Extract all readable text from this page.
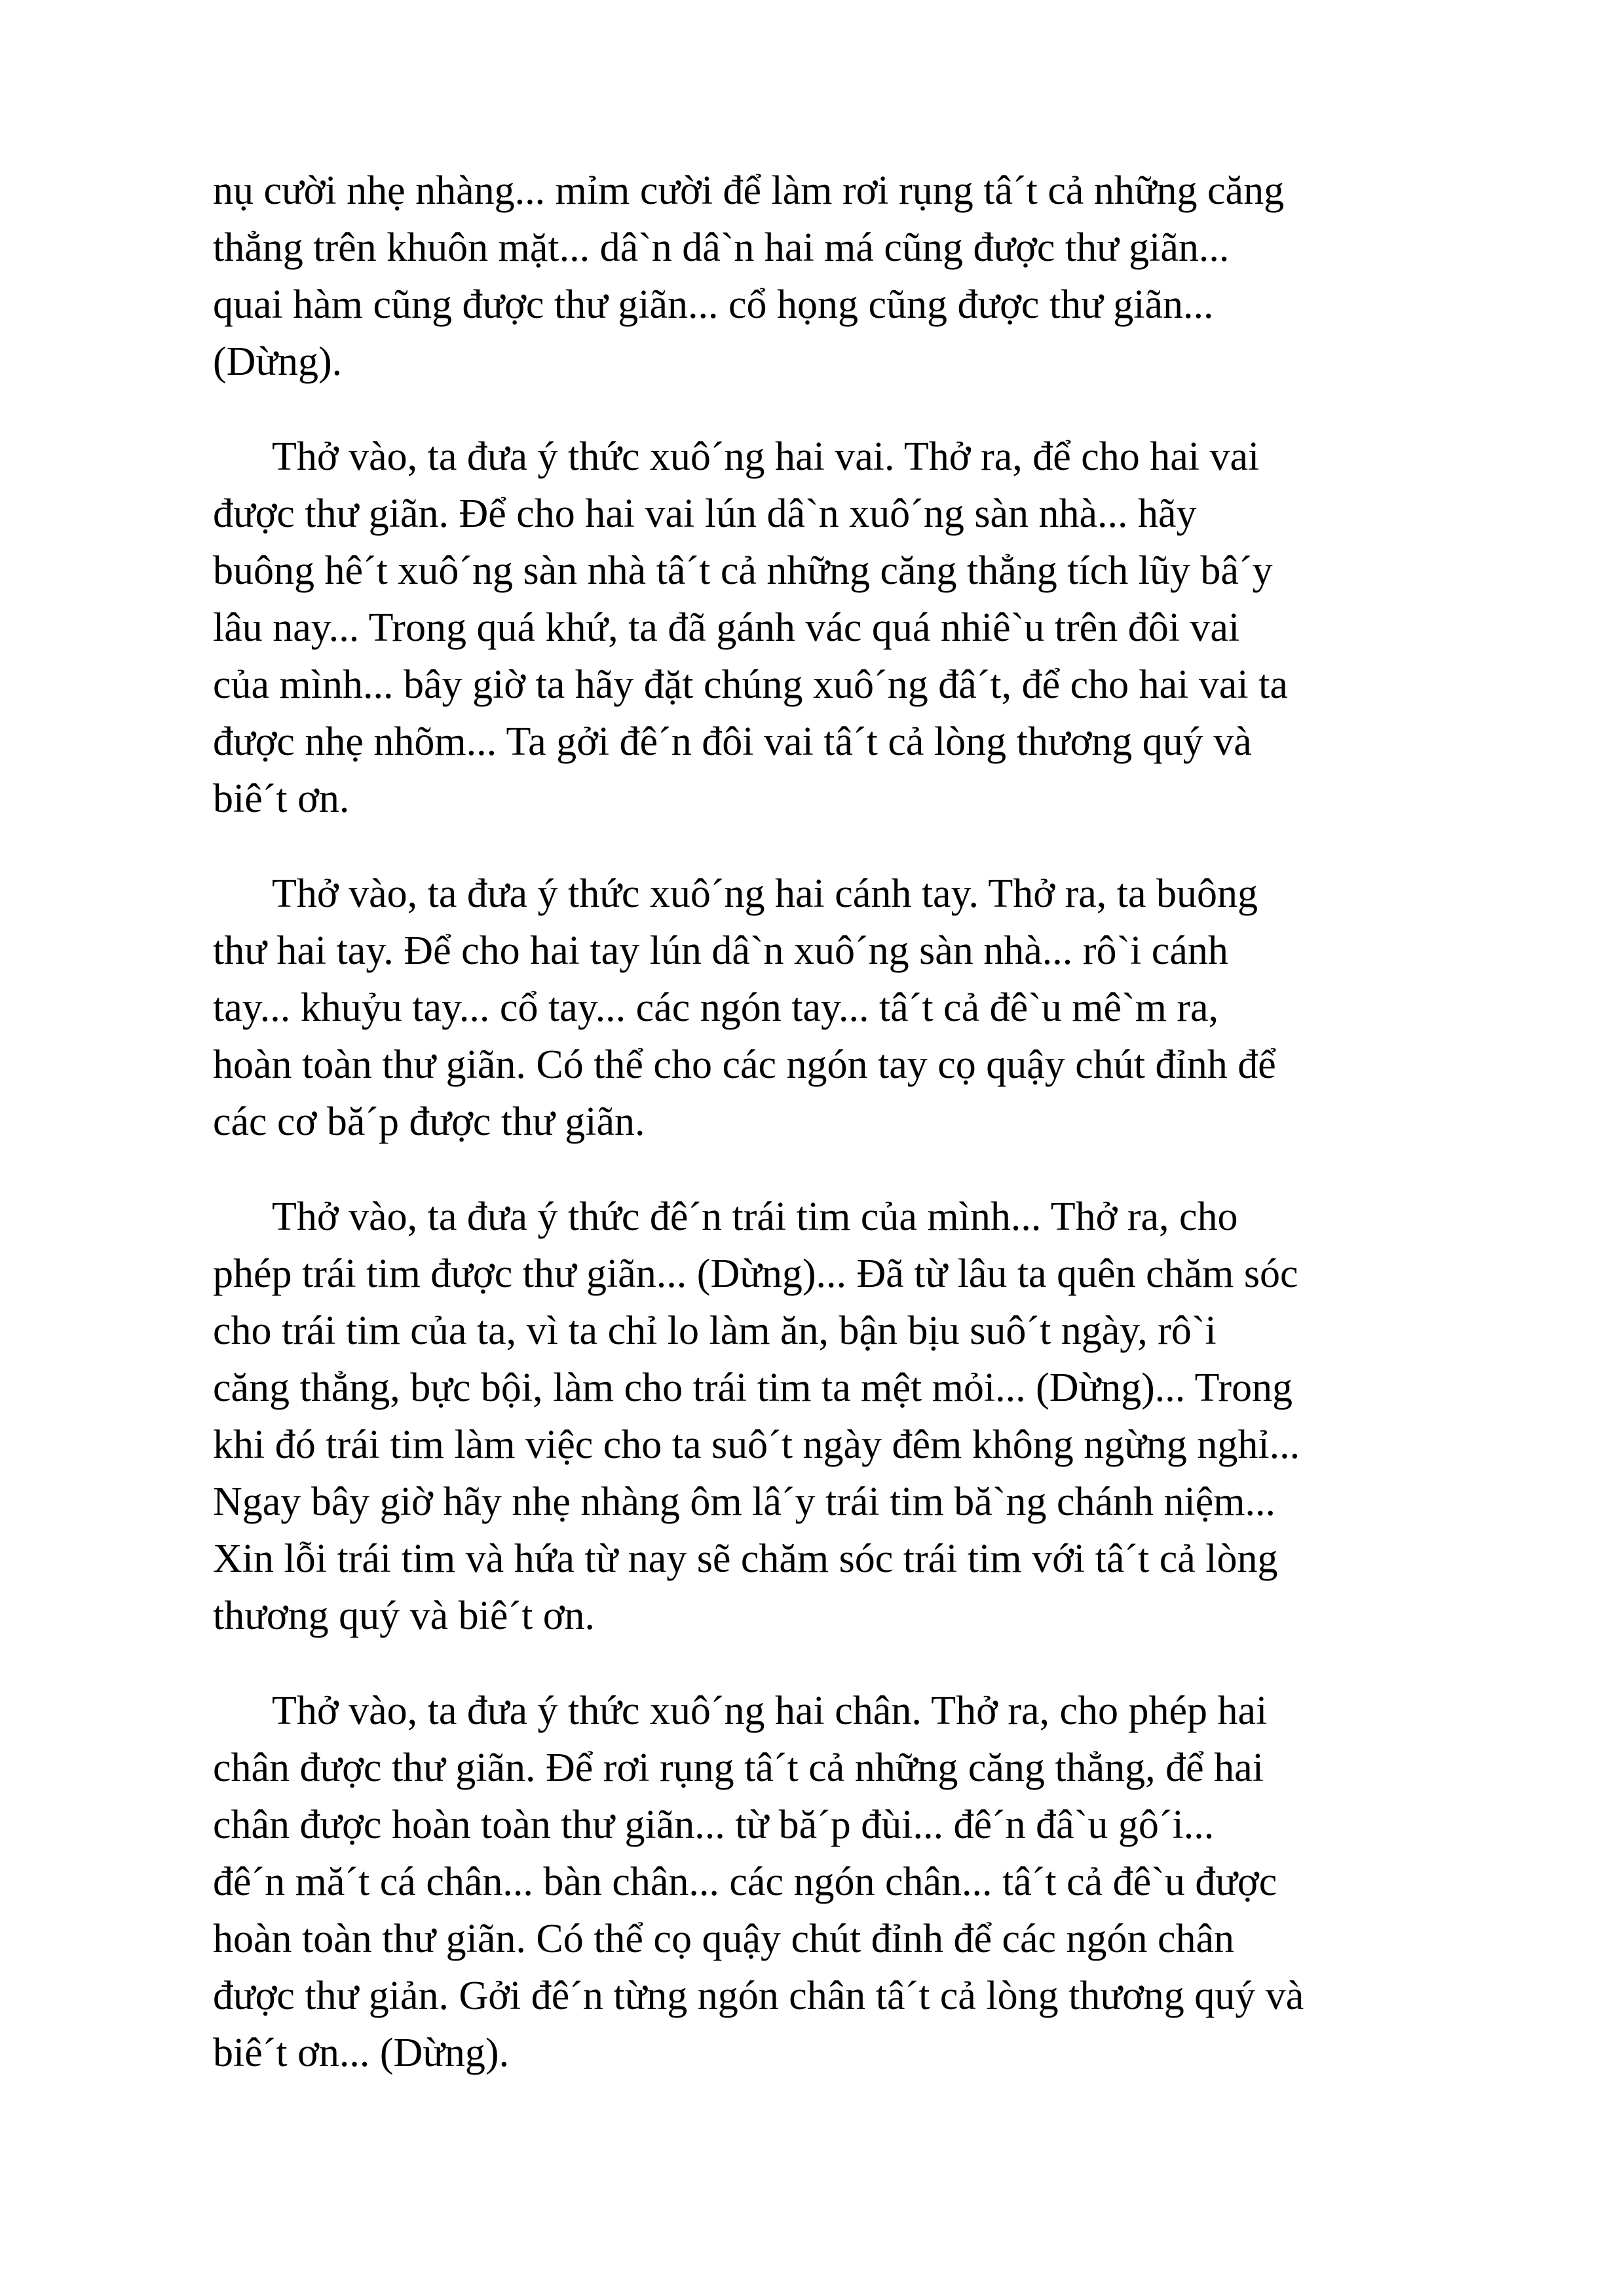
nụ cười nhẹ nhàng... mỉm cười để làm rơi rụng tâ´t cả những căng
thẳng trên khuôn mặt... dâ`n dâ`n hai má cũng được thư giãn...
quai hàm cũng được thư giãn... cổ họng cũng được thư giãn...
(Dừng).
Thở vào, ta đưa ý thức xuô´ng hai vai. Thở ra, để cho hai vai
được thư giãn. Để cho hai vai lún dâ`n xuô´ng sàn nhà... hãy
buông hê´t xuô´ng sàn nhà tâ´t cả những căng thẳng tích lũy bâ´y
lâu nay... Trong quá khứ, ta đã gánh vác quá nhiê`u trên đôi vai
của mình... bây giờ ta hãy đặt chúng xuô´ng đâ´t, để cho hai vai ta
được nhẹ nhõm... Ta gởi đê´n đôi vai tâ´t cả lòng thương quý và
biê´t ơn.
Thở vào, ta đưa ý thức xuô´ng hai cánh tay. Thở ra, ta buông
thư hai tay. Để cho hai tay lún dâ`n xuô´ng sàn nhà... rô`i cánh
tay... khuỷu tay... cổ tay... các ngón tay... tâ´t cả đê`u mê`m ra,
hoàn toàn thư giãn. Có thể cho các ngón tay cọ quậy chút đỉnh để
các cơ bă´p được thư giãn.
Thở vào, ta đưa ý thức đê´n trái tim của mình... Thở ra, cho
phép trái tim được thư giãn... (Dừng)... Đã từ lâu ta quên chăm sóc
cho trái tim của ta, vì ta chỉ lo làm ăn, bận bịu suô´t ngày, rô`i
căng thẳng, bực bội, làm cho trái tim ta mệt mỏi... (Dừng)... Trong
khi đó trái tim làm việc cho ta suô´t ngày đêm không ngừng nghỉ...
Ngay bây giờ hãy nhẹ nhàng ôm lâ´y trái tim bă`ng chánh niệm...
Xin lỗi trái tim và hứa từ nay sẽ chăm sóc trái tim với tâ´t cả lòng
thương quý và biê´t ơn.
Thở vào, ta đưa ý thức xuô´ng hai chân. Thở ra, cho phép hai
chân được thư giãn. Để rơi rụng tâ´t cả những căng thẳng, để hai
chân được hoàn toàn thư giãn... từ bă´p đùi... đê´n đâ`u gô´i...
đê´n mă´t cá chân... bàn chân... các ngón chân... tâ´t cả đê`u được
hoàn toàn thư giãn. Có thể cọ quậy chút đỉnh để các ngón chân
được thư giản. Gởi đê´n từng ngón chân tâ´t cả lòng thương quý và
biê´t ơn... (Dừng).
